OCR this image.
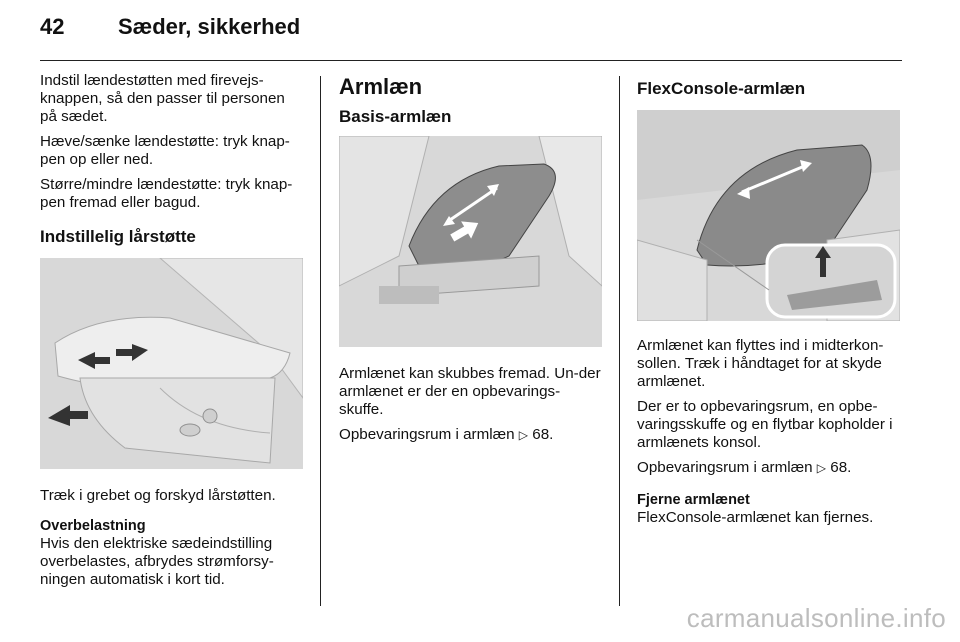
42 Sæder, sikkerhed

Indstil lændestøtten med firevejs-knappen, så den passer til personen på sædet.

Hæve/sænke lændestøtte: tryk knap-pen op eller ned.

Større/mindre lændestøtte: tryk knap-pen fremad eller bagud.

Indstillelig lårstøtte

Træk i grebet og forskyd lårstøtten.

Overbelastning

Hvis den elektriske sædeindstilling overbelastes, afbrydes strømforsy-ningen automatisk i kort tid.

Armlæn
Basis-armlæn

Armlænet kan skubbes fremad. Un-der armlænet er der en opbevarings-skuffe.

Opbevaringsrum i armlæn ▷ 68.

FlexConsole-armlæn

Armlænet kan flyttes ind i midterkon-sollen. Træk i håndtaget for at skyde armlænet.

Der er to opbevaringsrum, en opbe-varingsskuffe og en flytbar kopholder i armlænets konsol.

Opbevaringsrum i armlæn ▷ 68.

Fjerne armlænet

FlexConsole-armlænet kan fjernes.

carmanualsonline.info
